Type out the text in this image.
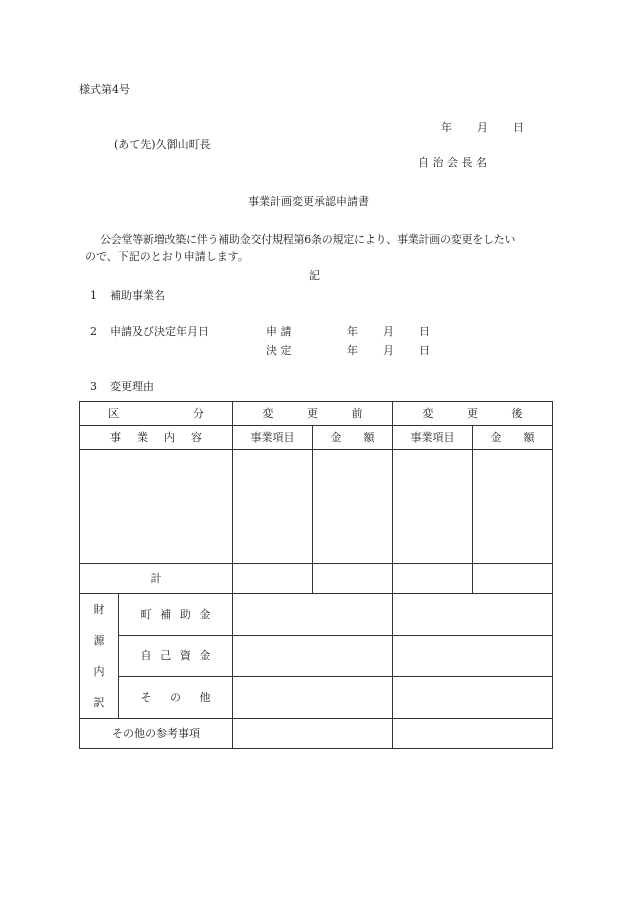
様式第4号
年 月 日
(あて先)久御山町長
自 治 会 長 名
事業計画変更承認申請書
公会堂等新増改築に伴う補助金交付規程第6条の規定により、事業計画の変更をしたい
ので、下記のとおり申請します。
記
1 補助事業名
2 申請及び決定年月日	申 請	年 月 日
決 定	年 月 日
3 変更理由
区分		変更前		変更後	
事業内容		事業項目	金額	事業項目	金額

計					
財源内訳	町補助金				
	自己資金				
	その他				
その他の参考事項					
